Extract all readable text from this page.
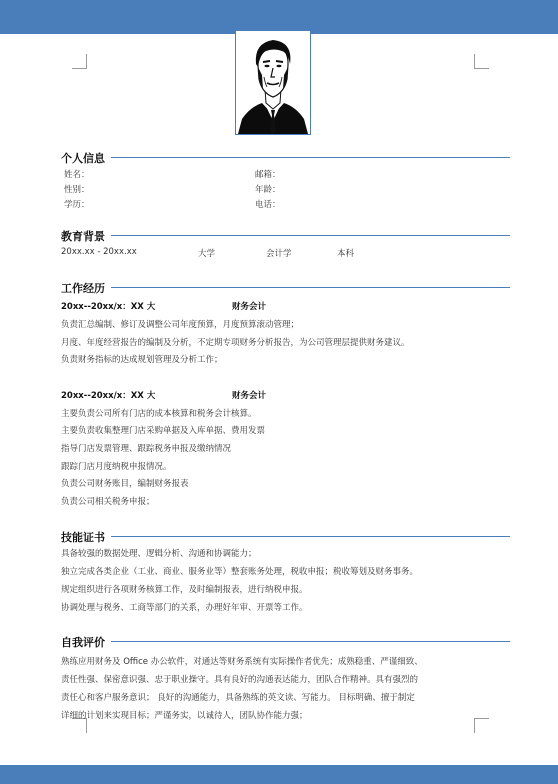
个人信息
姓名：	邮箱：
性别：	年龄：
学历：	电话：
教育背景
20xx.xx - 20xx.xx	大学	会计学	本科
工作经历
20xx--20xx/x：XX 大	财务会计
负责汇总编制、修订及调整公司年度预算，月度预算滚动管理；
月度、年度经营报告的编制及分析，不定期专项财务分析报告，为公司管理层提供财务建议。
负责财务指标的达成规划管理及分析工作；
20xx--20xx/x：XX 大	财务会计
主要负责公司所有门店的成本核算和税务会计核算。
主要负责收集整理门店采购单据及入库单据、费用发票
指导门店发票管理、跟踪税务申报及缴纳情况
跟踪门店月度纳税申报情况。
负责公司财务账目，编制财务报表
负责公司相关税务申报；
技能证书
具备较强的数据处理、逻辑分析、沟通和协调能力；
独立完成各类企业（工业、商业、服务业等）整套账务处理，税收申报；税收筹划及财务事务。
规定组织进行各项财务核算工作，及时编制报表，进行纳税申报。
协调处理与税务、工商等部门的关系，办理好年审、开票等工作。
自我评价
熟练应用财务及 Office 办公软件，对通达等财务系统有实际操作者优先；成熟稳重、严谨细致、
责任性强、保密意识强、忠于职业操守。具有良好的沟通表达能力，团队合作精神。具有强烈的
责任心和客户服务意识； 良好的沟通能力，具备熟练的英文读、写能力。 目标明确、擅于制定
详细的计划来实现目标；严谨务实，以诚待人，团队协作能力强；
